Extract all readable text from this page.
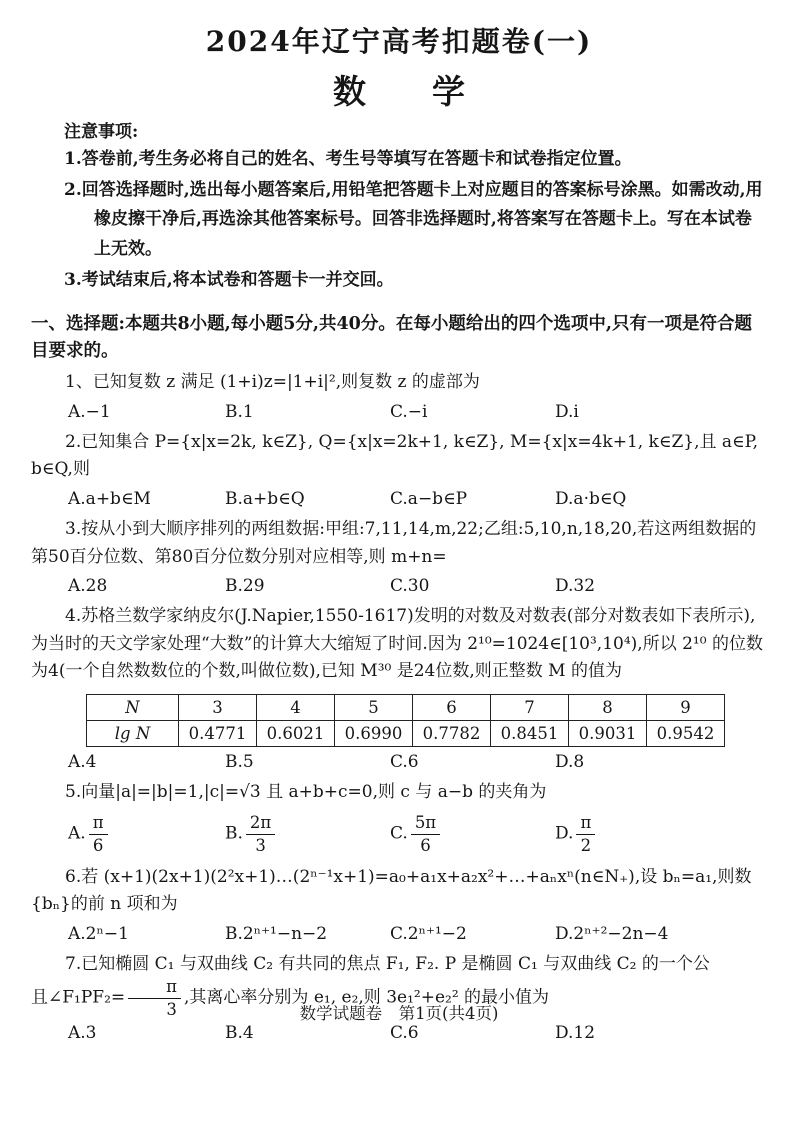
2024年辽宁高考扣题卷(一)
数　　学
注意事项:
1.答卷前,考生务必将自己的姓名、考生号等填写在答题卡和试卷指定位置。
2.回答选择题时,选出每小题答案后,用铅笔把答题卡上对应题目的答案标号涂黑。如需改动,用橡皮擦干净后,再选涂其他答案标号。回答非选择题时,将答案写在答题卡上。写在本试卷上无效。
3.考试结束后,将本试卷和答题卡一并交回。
一、选择题:本题共8小题,每小题5分,共40分。在每小题给出的四个选项中,只有一项是符合题目要求的。
1、已知复数 z 满足 (1+i)z=|1+i|²,则复数 z 的虚部为
A.−1	B.1	C.−i	D.i
2.已知集合 P={x|x=2k, k∈Z}, Q={x|x=2k+1, k∈Z}, M={x|x=4k+1, k∈Z},且 a∈P, b∈Q,则
A.a+b∈M	B.a+b∈Q	C.a−b∈P	D.a·b∈Q
3.按从小到大顺序排列的两组数据:甲组:7,11,14,m,22;乙组:5,10,n,18,20,若这两组数据的第50百分位数、第80百分位数分别对应相等,则 m+n=
A.28	B.29	C.30	D.32
4.苏格兰数学家纳皮尔(J.Napier,1550-1617)发明的对数及对数表(部分对数表如下表所示),为当时的天文学家处理“大数”的计算大大缩短了时间.因为 2¹⁰=1024∈[10³,10⁴),所以 2¹⁰ 的位数为4(一个自然数数位的个数,叫做位数),已知 M³⁰ 是24位数,则正整数 M 的值为
N	3	4	5	6	7	8	9
lg N	0.4771	0.6021	0.6990	0.7782	0.8451	0.9031	0.9542
A.4	B.5	C.6	D.8
5.向量|a|=|b|=1,|c|=√3 且 a+b+c=0,则 c 与 a−b 的夹角为
A. $\frac{\pi}{6}$	B. $\frac{2\pi}{3}$	C. $\frac{5\pi}{6}$	D. $\frac{\pi}{2}$
6.若 (x+1)(2x+1)(2²x+1)…(2ⁿ⁻¹x+1)=a₀+a₁x+a₂x²+…+aₙxⁿ(n∈N₊),设 bₙ=a₁,则数{bₙ}的前 n 项和为
A.2ⁿ−1	B.2ⁿ⁺¹−n−2	C.2ⁿ⁺¹−2	D.2ⁿ⁺²−2n−4
7.已知椭圆 C₁ 与双曲线 C₂ 有共同的焦点 F₁, F₂. P 是椭圆 C₁ 与双曲线 C₂ 的一个公
且∠F₁PF₂= $\frac{\pi}{3}$ ,其离心率分别为 e₁, e₂,则 3e₁²+e₂² 的最小值为
A.3	B.4	C.6	D.12
数学试题卷　第1页(共4页)
